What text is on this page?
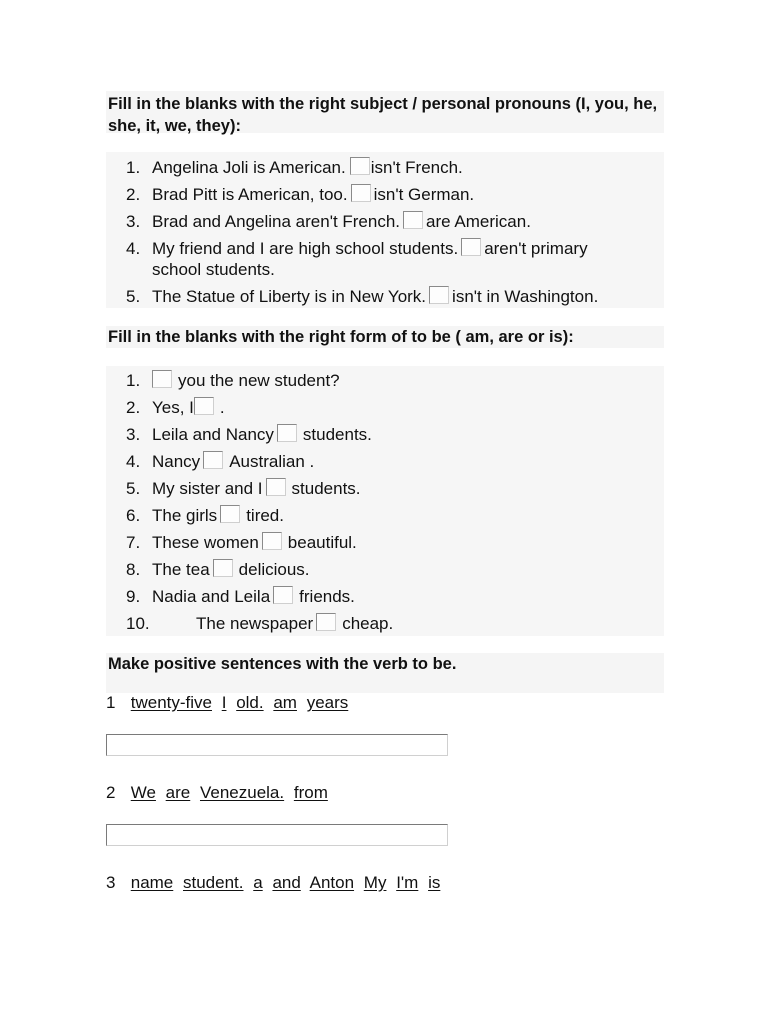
Fill in the blanks with the right subject / personal pronouns (I, you, he, she, it, we, they):
1. Angelina Joli is American. isn't French.
2. Brad Pitt is American, too. isn't German.
3. Brad and Angelina aren't French. are American.
4. My friend and I are high school students. aren't primary school students.
5. The Statue of Liberty is in New York. isn't in Washington.
Fill in the blanks with the right form of to be ( am, are or is):
1. you the new student?
2. Yes, I .
3. Leila and Nancy students.
4. Nancy Australian .
5. My sister and I students.
6. The girls tired.
7. These women beautiful.
8. The tea delicious.
9. Nadia and Leila friends.
10.	The newspaper cheap.
Make positive sentences with the verb to be.
1 twenty-five I old. am years
2 We are Venezuela. from
3 name student. a and Anton My I'm is
